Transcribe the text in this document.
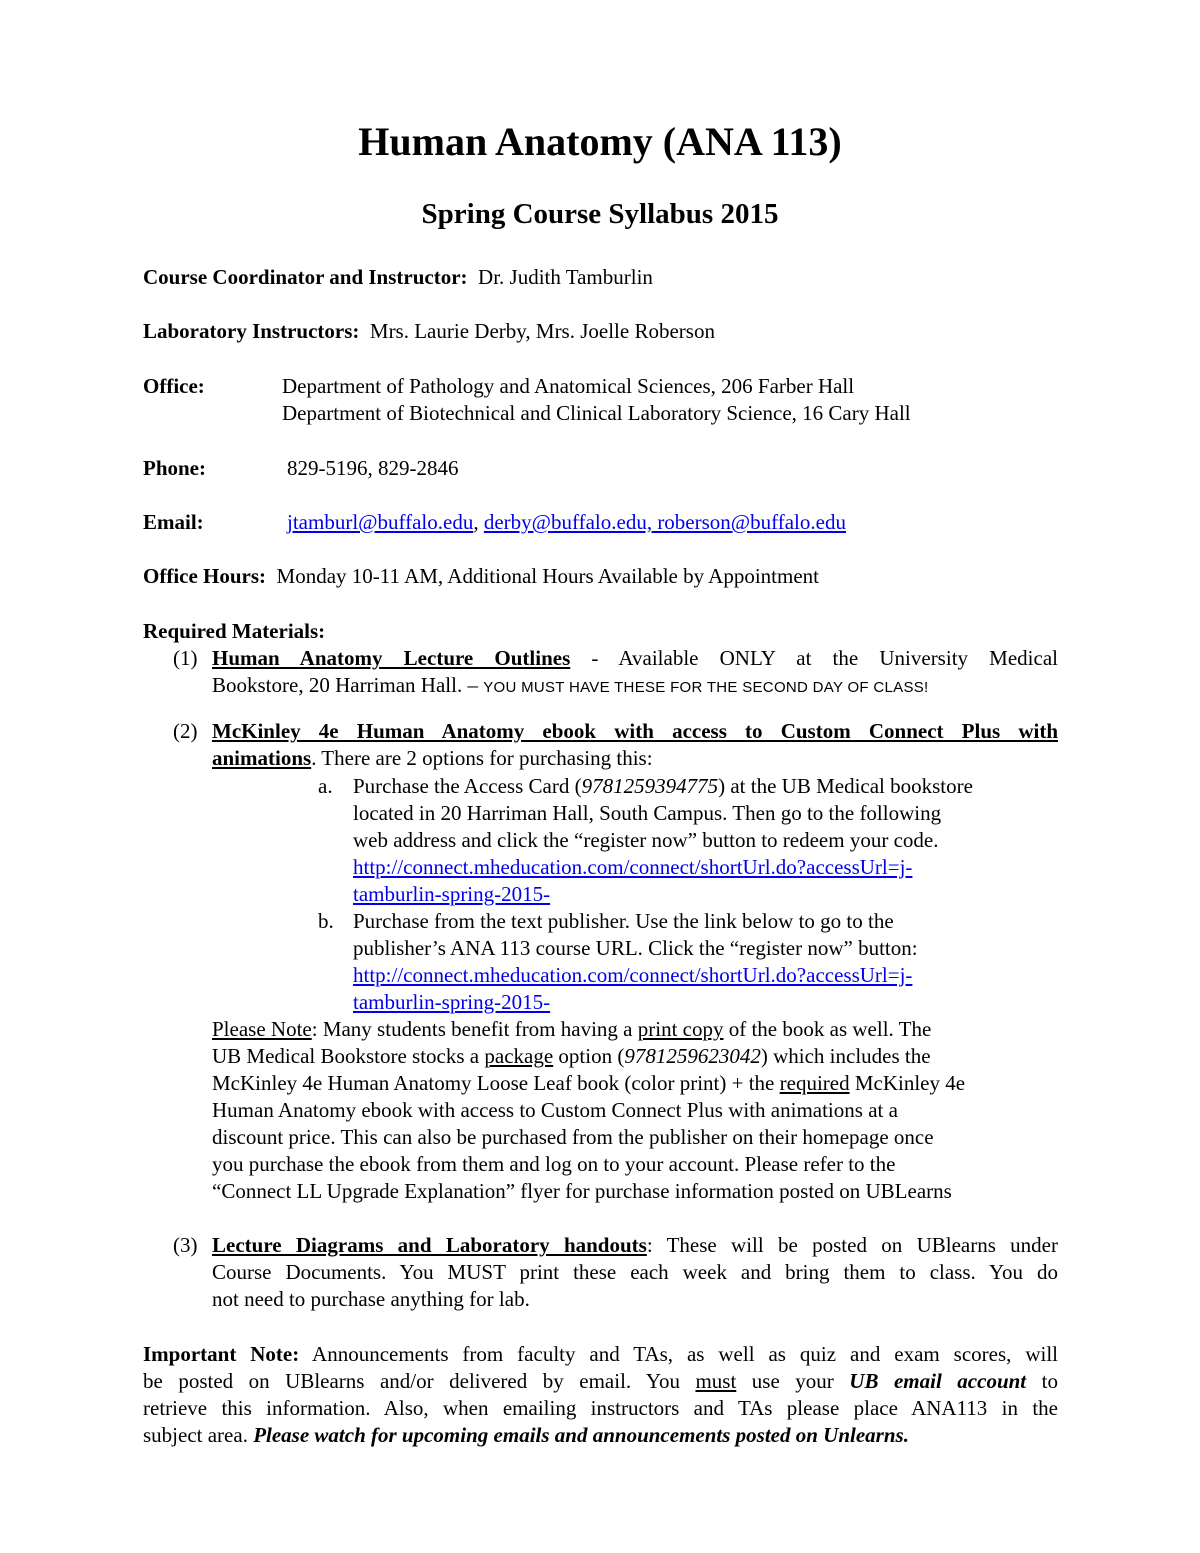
Human Anatomy (ANA 113)
Spring Course Syllabus 2015
Course Coordinator and Instructor: Dr. Judith Tamburlin
Laboratory Instructors: Mrs. Laurie Derby, Mrs. Joelle Roberson
Office:	Department of Pathology and Anatomical Sciences, 206 Farber Hall
Department of Biotechnical and Clinical Laboratory Science, 16 Cary Hall
Phone:	829-5196, 829-2846
Email:	jtamburl@buffalo.edu, derby@buffalo.edu, roberson@buffalo.edu
Office Hours: Monday 10-11 AM, Additional Hours Available by Appointment
Required Materials:
(1) Human Anatomy Lecture Outlines - Available ONLY at the University Medical
Bookstore, 20 Harriman Hall. – YOU MUST HAVE THESE FOR THE SECOND DAY OF CLASS!
(2) McKinley 4e Human Anatomy ebook with access to Custom Connect Plus with
animations. There are 2 options for purchasing this:
a. Purchase the Access Card (9781259394775) at the UB Medical bookstore
located in 20 Harriman Hall, South Campus. Then go to the following
web address and click the “register now” button to redeem your code.
http://connect.mheducation.com/connect/shortUrl.do?accessUrl=j-
tamburlin-spring-2015-
b. Purchase from the text publisher. Use the link below to go to the
publisher’s ANA 113 course URL. Click the “register now” button:
http://connect.mheducation.com/connect/shortUrl.do?accessUrl=j-
tamburlin-spring-2015-
Please Note: Many students benefit from having a print copy of the book as well. The
UB Medical Bookstore stocks a package option (9781259623042) which includes the
McKinley 4e Human Anatomy Loose Leaf book (color print) + the required McKinley 4e
Human Anatomy ebook with access to Custom Connect Plus with animations at a
discount price. This can also be purchased from the publisher on their homepage once
you purchase the ebook from them and log on to your account. Please refer to the
“Connect LL Upgrade Explanation” flyer for purchase information posted on UBLearns
(3) Lecture Diagrams and Laboratory handouts: These will be posted on UBlearns under
Course Documents. You MUST print these each week and bring them to class. You do
not need to purchase anything for lab.
Important Note: Announcements from faculty and TAs, as well as quiz and exam scores, will
be posted on UBlearns and/or delivered by email. You must use your UB email account to
retrieve this information. Also, when emailing instructors and TAs please place ANA113 in the
subject area. Please watch for upcoming emails and announcements posted on Unlearns.
